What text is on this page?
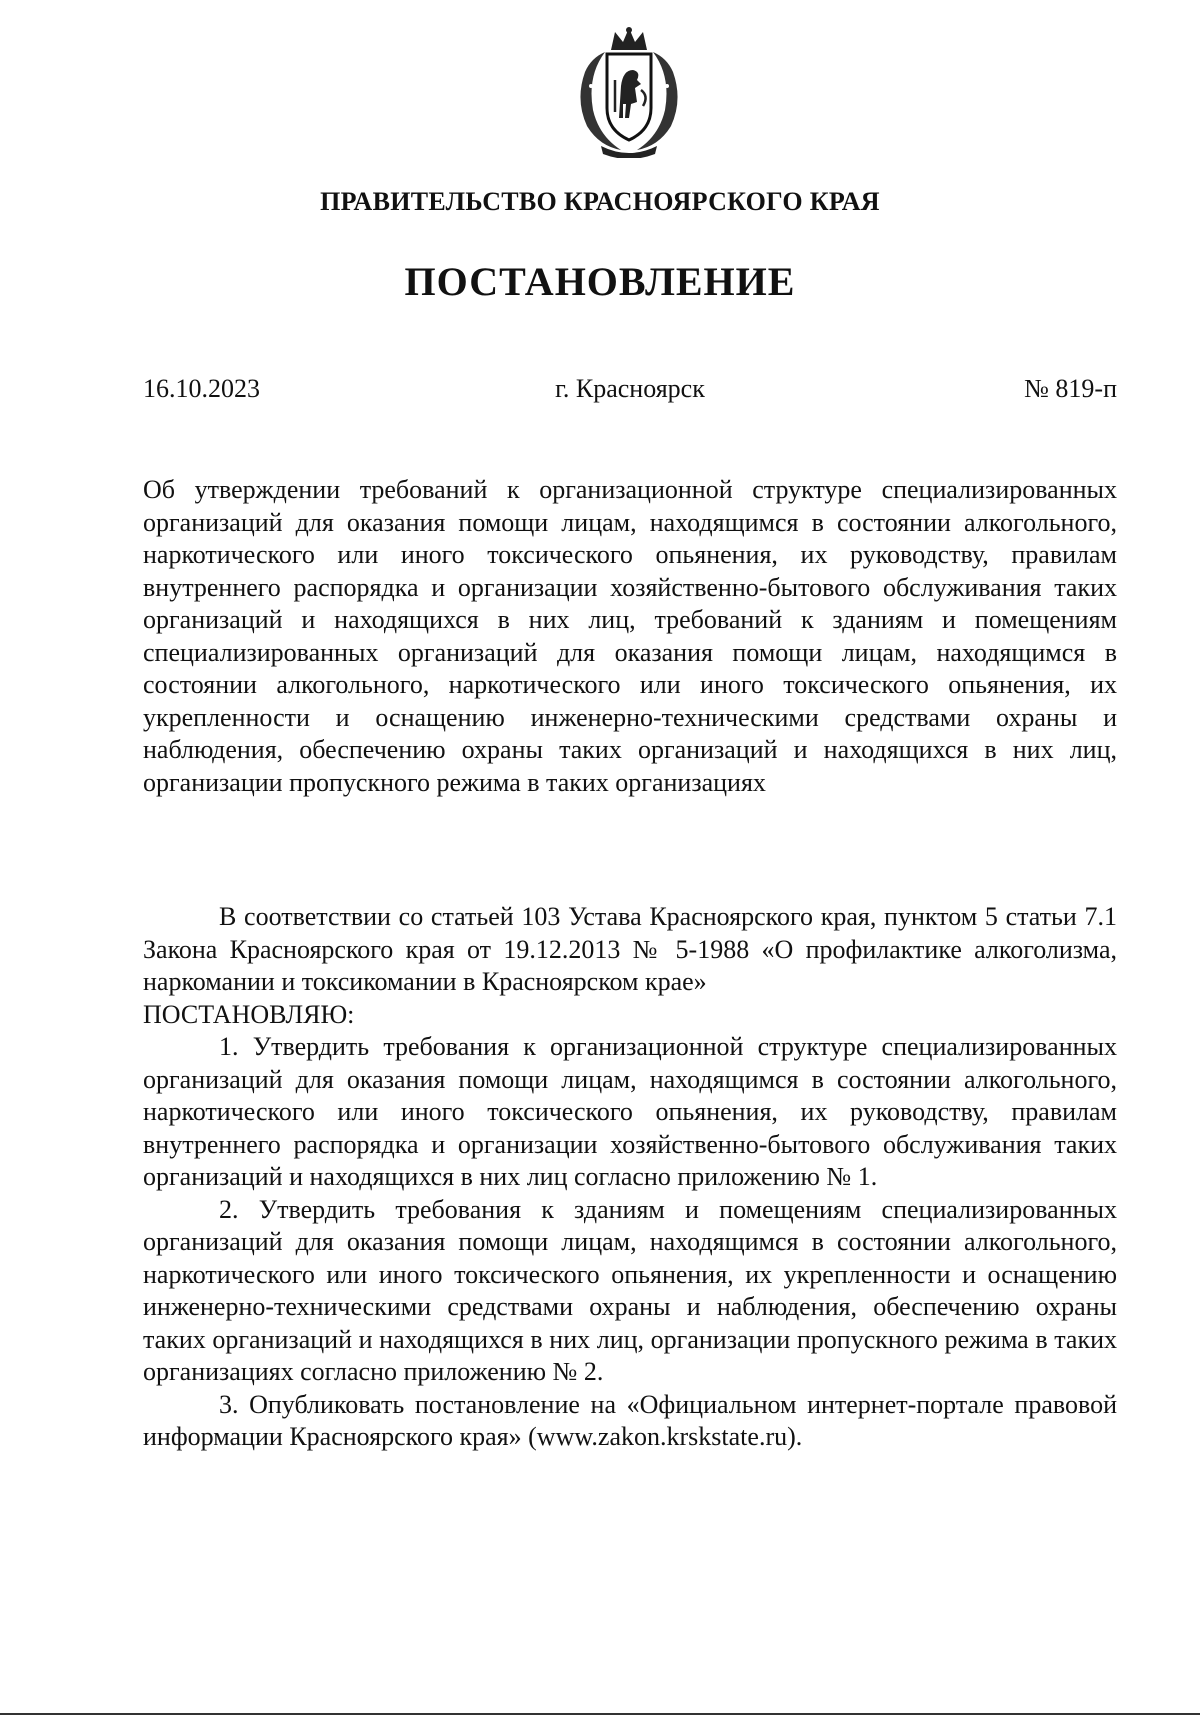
ПРАВИТЕЛЬСТВО КРАСНОЯРСКОГО КРАЯ
ПОСТАНОВЛЕНИЕ
16.10.2023	г. Красноярск	№ 819-п

Об утверждении требований к организационной структуре специализированных организаций для оказания помощи лицам, находящимся в состоянии алкогольного, наркотического или иного токсического опьянения, их руководству, правилам внутреннего распорядка и организации хозяйственно-бытового обслуживания таких организаций и находящихся в них лиц, требований к зданиям и помещениям специализированных организаций для оказания помощи лицам, находящимся в состоянии алкогольного, наркотического или иного токсического опьянения, их укрепленности и оснащению инженерно-техническими средствами охраны и наблюдения, обеспечению охраны таких организаций и находящихся в них лиц, организации пропускного режима в таких организациях

В соответствии со статьей 103 Устава Красноярского края, пунктом 5 статьи 7.1 Закона Красноярского края от 19.12.2013 № 5-1988 «О профилактике алкоголизма, наркомании и токсикомании в Красноярском крае»

ПОСТАНОВЛЯЮ:

1. Утвердить требования к организационной структуре специализированных организаций для оказания помощи лицам, находящимся в состоянии алкогольного, наркотического или иного токсического опьянения, их руководству, правилам внутреннего распорядка и организации хозяйственно-бытового обслуживания таких организаций и находящихся в них лиц согласно приложению № 1.

2. Утвердить требования к зданиям и помещениям специализированных организаций для оказания помощи лицам, находящимся в состоянии алкогольного, наркотического или иного токсического опьянения, их укрепленности и оснащению инженерно-техническими средствами охраны и наблюдения, обеспечению охраны таких организаций и находящихся в них лиц, организации пропускного режима в таких организациях согласно приложению № 2.

3. Опубликовать постановление на «Официальном интернет-портале правовой информации Красноярского края» (www.zakon.krskstate.ru).
